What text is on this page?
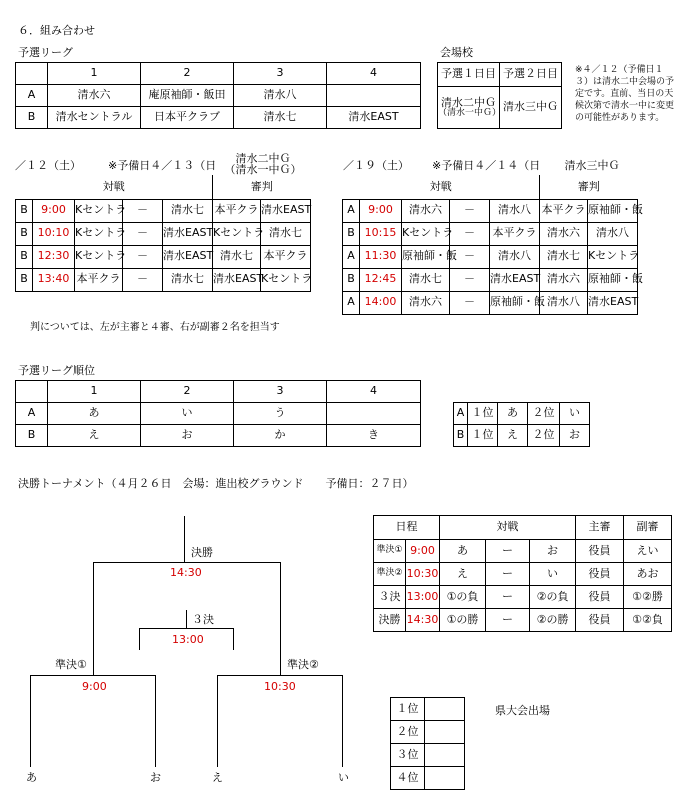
６．組み合わせ
予選リーグ
	1	2	3	4
A	清水六	庵原袖師・飯田	清水八	
B	清水セントラル	日本平クラブ	清水七	清水EAST
会場校
予選１日目	予選２日目

清水二中Ｇ
（清水一中Ｇ）	清水三中Ｇ
※４／１２（予備日１３）は清水二中会場の予定です。直前、当日の天候次第で清水一中に変更の可能性があります。
／１２（土） ※予備日４／１３（日
清水二中Ｇ
（清水一中Ｇ）
対戦					審判	
B	9:00	Kセントラ	－	清水七	本平クラ	清水EAST
B	10:10	Kセントラ	－	清水EAST	Kセントラ	清水七
B	12:30	Kセントラ	－	清水EAST	清水七	本平クラ
B	13:40	本平クラ	－	清水七	清水EAST	Kセントラ
判については、左が主審と４審、右が副審２名を担当す
／１９（土） ※予備日４／１４（日	清水三中Ｇ
対戦					審判	
A	9:00	清水六	－	清水八	本平クラ	原袖師・飯
B	10:15	Kセントラ	－	本平クラ	清水六	清水八
A	11:30	原袖師・飯	－	清水八	清水七	Kセントラ
B	12:45	清水七	－	清水EAST	清水六	原袖師・飯
A	14:00	清水六	－	原袖師・飯	清水八	清水EAST
予選リーグ順位
	1	2	3	4
A	あ	い	う	
B	え	お	か	き
A	１位	あ	２位	い
B	１位	え	２位	お
決勝トーナメント（４月２６日　会場：進出校グラウンド　　予備日：２７日）
決勝
14:30
３決
13:00
準決①
9:00
準決②
10:30
あ	お	え	い
日程		対戦			主審	副審
準決①	9:00	あ	ー	お	役員	えい
準決②	10:30	え	ー	い	役員	あお
３決	13:00	①の負	ー	②の負	役員	①②勝
決勝	14:30	①の勝	ー	②の勝	役員	①②負
１位	
２位	
３位	
４位	
県大会出場
